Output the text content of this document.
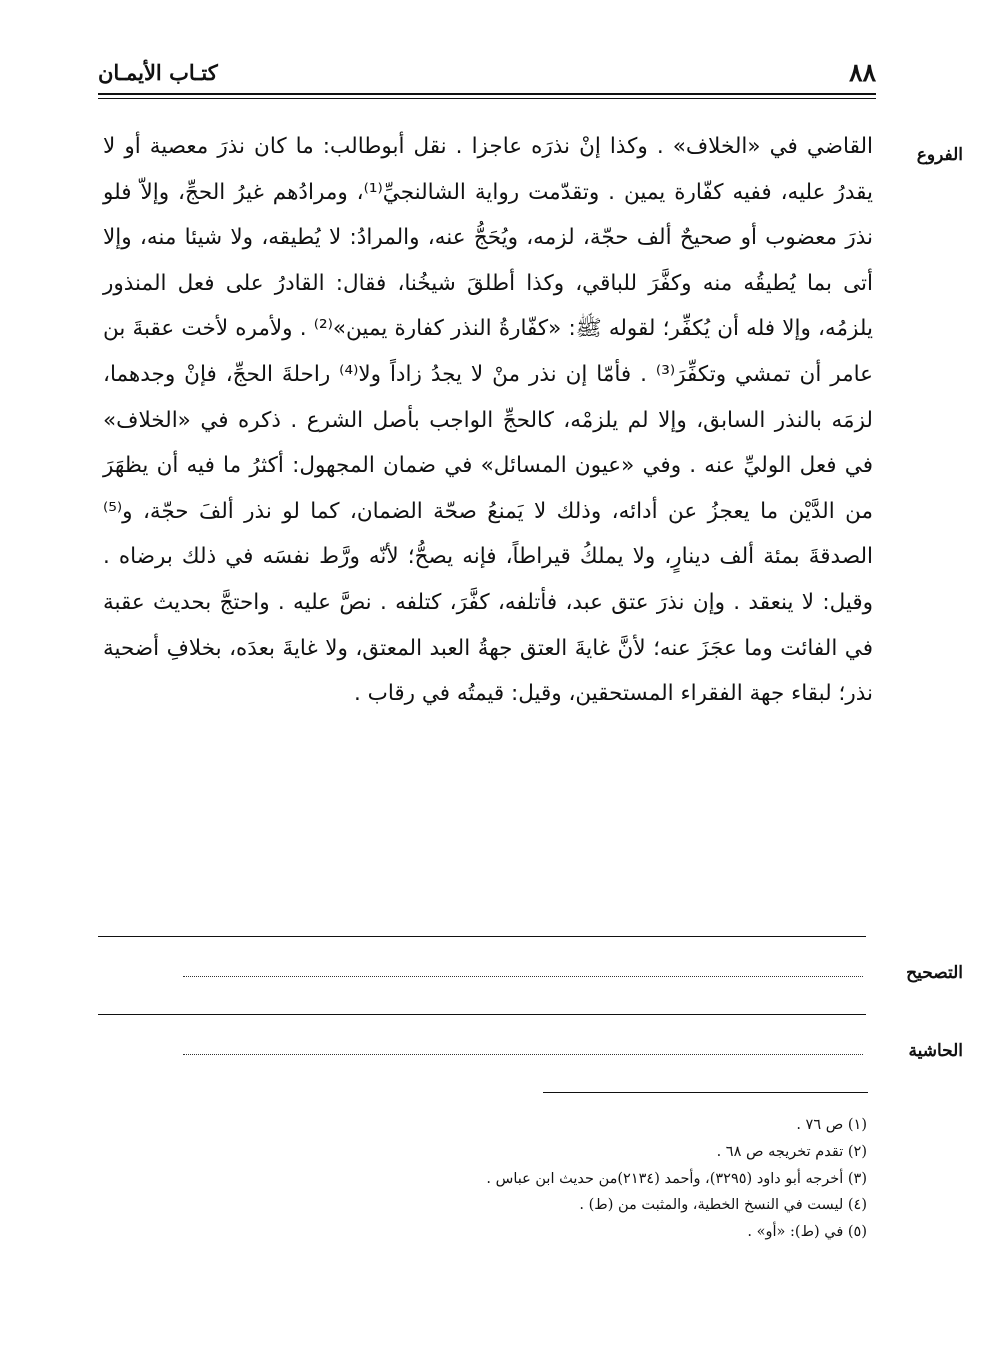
٨٨
كتـاب الأيمـان
الفروع

القاضي في «الخلاف» . وكذا إنْ نذرَه عاجزا . نقل أبوطالب: ما كان نذرَ معصية أو لا يقدرُ عليه، ففيه كفّارة يمين . وتقدّمت رواية الشالنجيِّ⁽¹⁾، ومرادُهم غيرُ الحجِّ، وإلاّ فلو نذرَ معضوب أو صحيحٌ ألف حجّة، لزمه، ويُحَجُّ عنه، والمرادُ: لا يُطيقه، ولا شيئا منه، وإلا أتى بما يُطيقُه منه وكفَّرَ للباقي، وكذا أطلقَ شيخُنا، فقال: القادرُ على فعل المنذور يلزمُه، وإلا فله أن يُكفِّر؛ لقوله ﷺ: «كفّارةُ النذر كفارة يمين»⁽²⁾ . ولأمره لأخت عقبةَ بن عامر أن تمشي وتكفِّرَ⁽³⁾ . فأمّا إن نذر منْ لا يجدُ زاداً ولا⁽⁴⁾ راحلةَ الحجِّ، فإنْ وجدهما، لزمَه بالنذر السابق، وإلا لم يلزمْه، كالحجِّ الواجب بأصل الشرع . ذكره في «الخلاف» في فعل الوليِّ عنه . وفي «عيون المسائل» في ضمان المجهول: أكثرُ ما فيه أن يظهَرَ من الدَّيْن ما يعجزُ عن أدائه، وذلك لا يَمنعُ صحّة الضمان، كما لو نذر ألفَ حجّة، و⁽⁵⁾ الصدقةَ بمئة ألف دينارٍ، ولا يملكُ قيراطاً، فإنه يصحُّ؛ لأنّه ورَّط نفسَه في ذلك برضاه . وقيل: لا ينعقد . وإن نذرَ عتق عبد، فأتلفه، كفَّرَ، كتلفه . نصَّ عليه . واحتجَّ بحديث عقبة في الفائت وما عجَزَ عنه؛ لأنَّ غايةَ العتق جهةُ العبد المعتق، ولا غايةَ بعدَه، بخلافِ أضحية نذر؛ لبقاء جهة الفقراء المستحقين، وقيل: قيمتُه في رقاب .

التصحيح
الحاشية
(١) ص ٧٦ .
(٢) تقدم تخريجه ص ٦٨ .
(٣) أخرجه أبو داود (٣٢٩٥)، وأحمد (٢١٣٤)من حديث ابن عباس .
(٤) ليست في النسخ الخطية، والمثبت من (ط) .
(٥) في (ط): «أو» .
